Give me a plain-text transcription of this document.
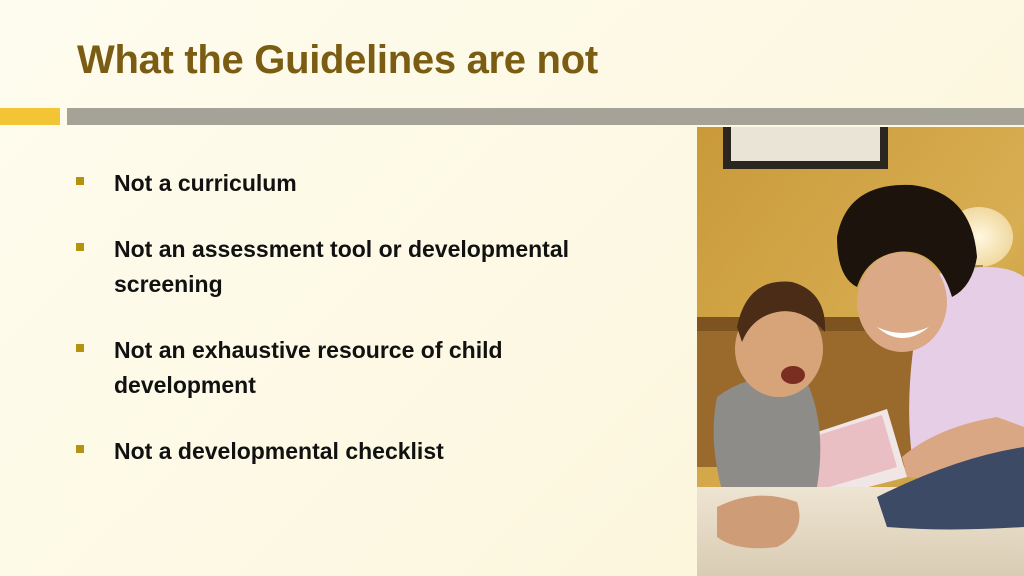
What the Guidelines are not
Not a curriculum
Not an assessment tool or developmental screening
Not an exhaustive resource of child development
Not a developmental checklist
